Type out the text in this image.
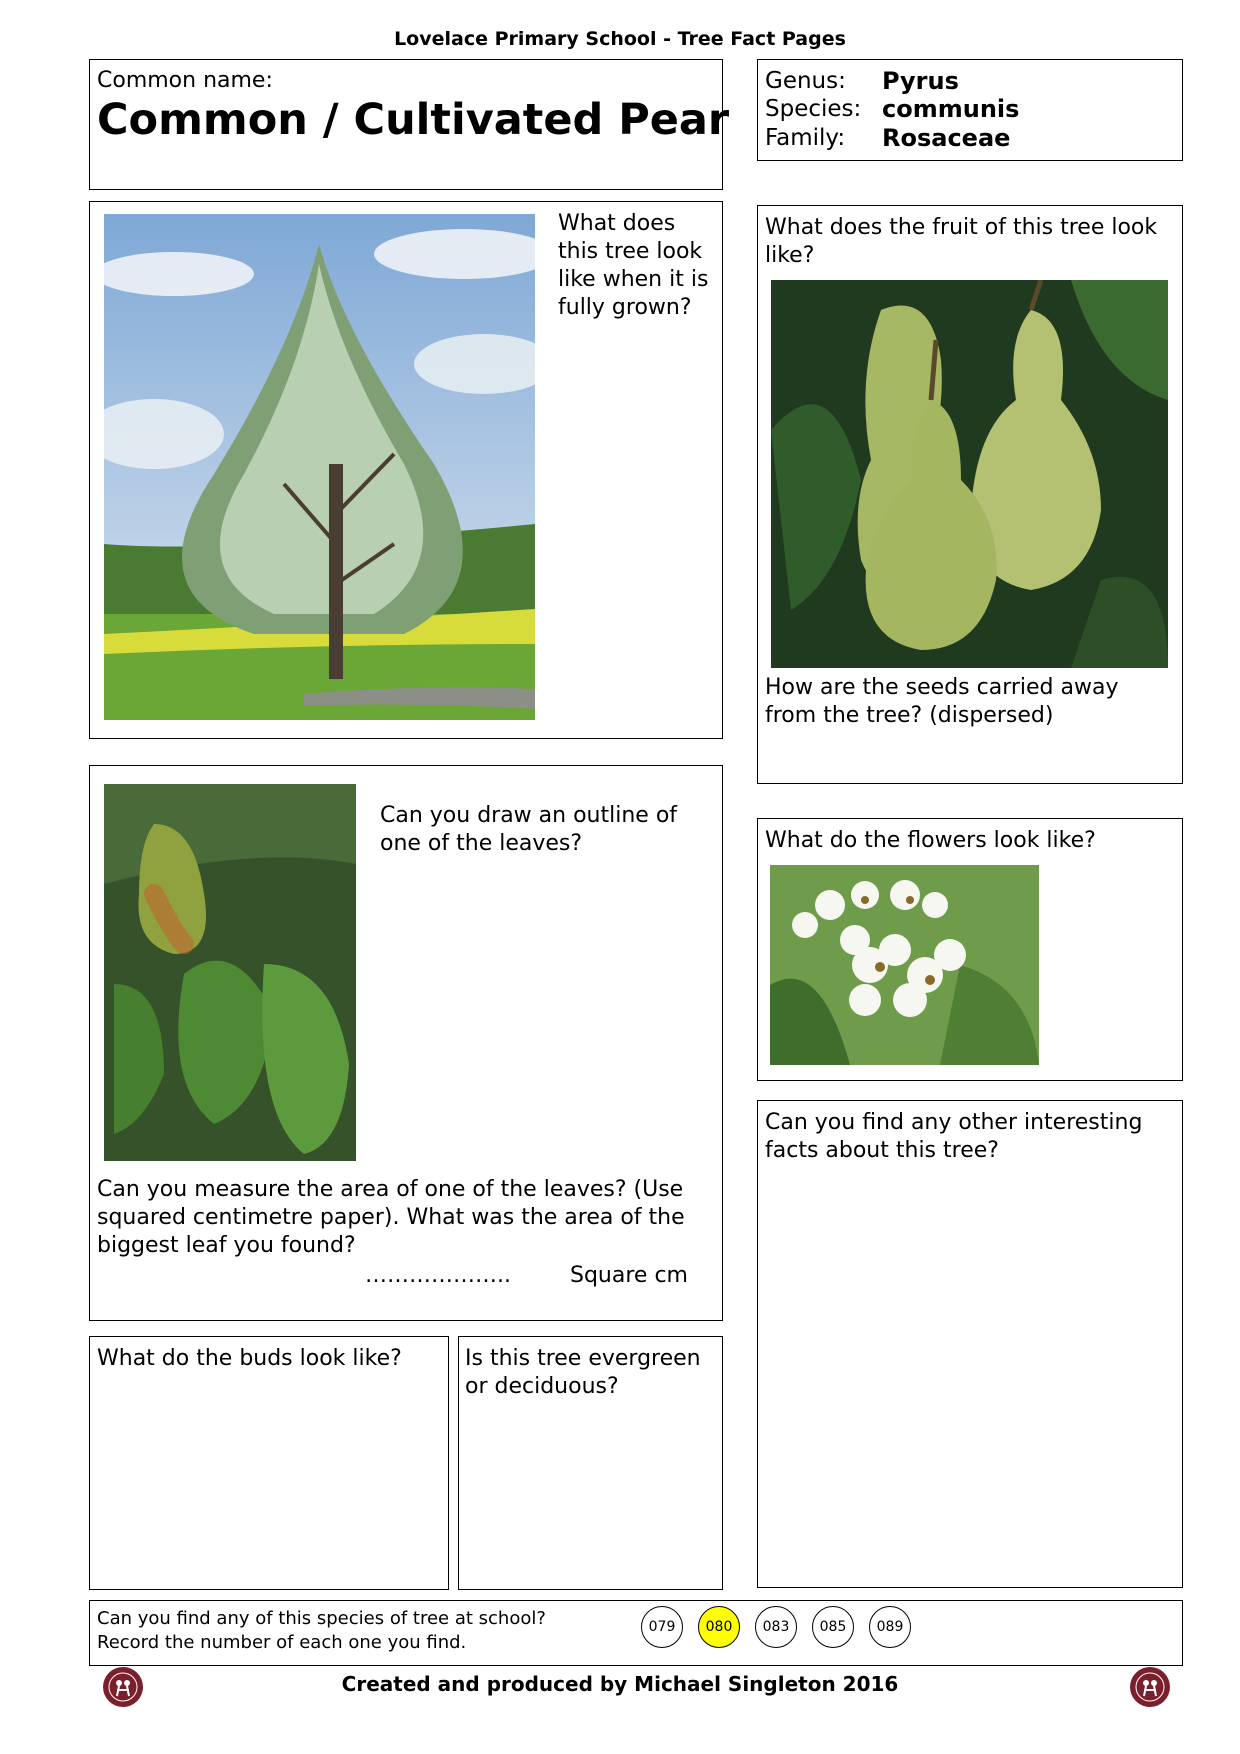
Lovelace Primary School - Tree Fact Pages
Common name:
Common / Cultivated Pear
Genus: Pyrus
Species: communis
Family: Rosaceae
What does this tree look like when it is fully grown?
What does the fruit of this tree look like?
How are the seeds carried away from the tree? (dispersed)
Can you draw an outline of one of the leaves?
Can you measure the area of one of the leaves? (Use squared centimetre paper). What was the area of the biggest leaf you found?
………………..	Square cm
What do the flowers look like?
Can you find any other interesting facts about this tree?
What do the buds look like?	Is this tree evergreen or deciduous?
Can you find any of this species of tree at school?
Record the number of each one you find.
079	080	083	085	089
Created and produced by Michael Singleton 2016
